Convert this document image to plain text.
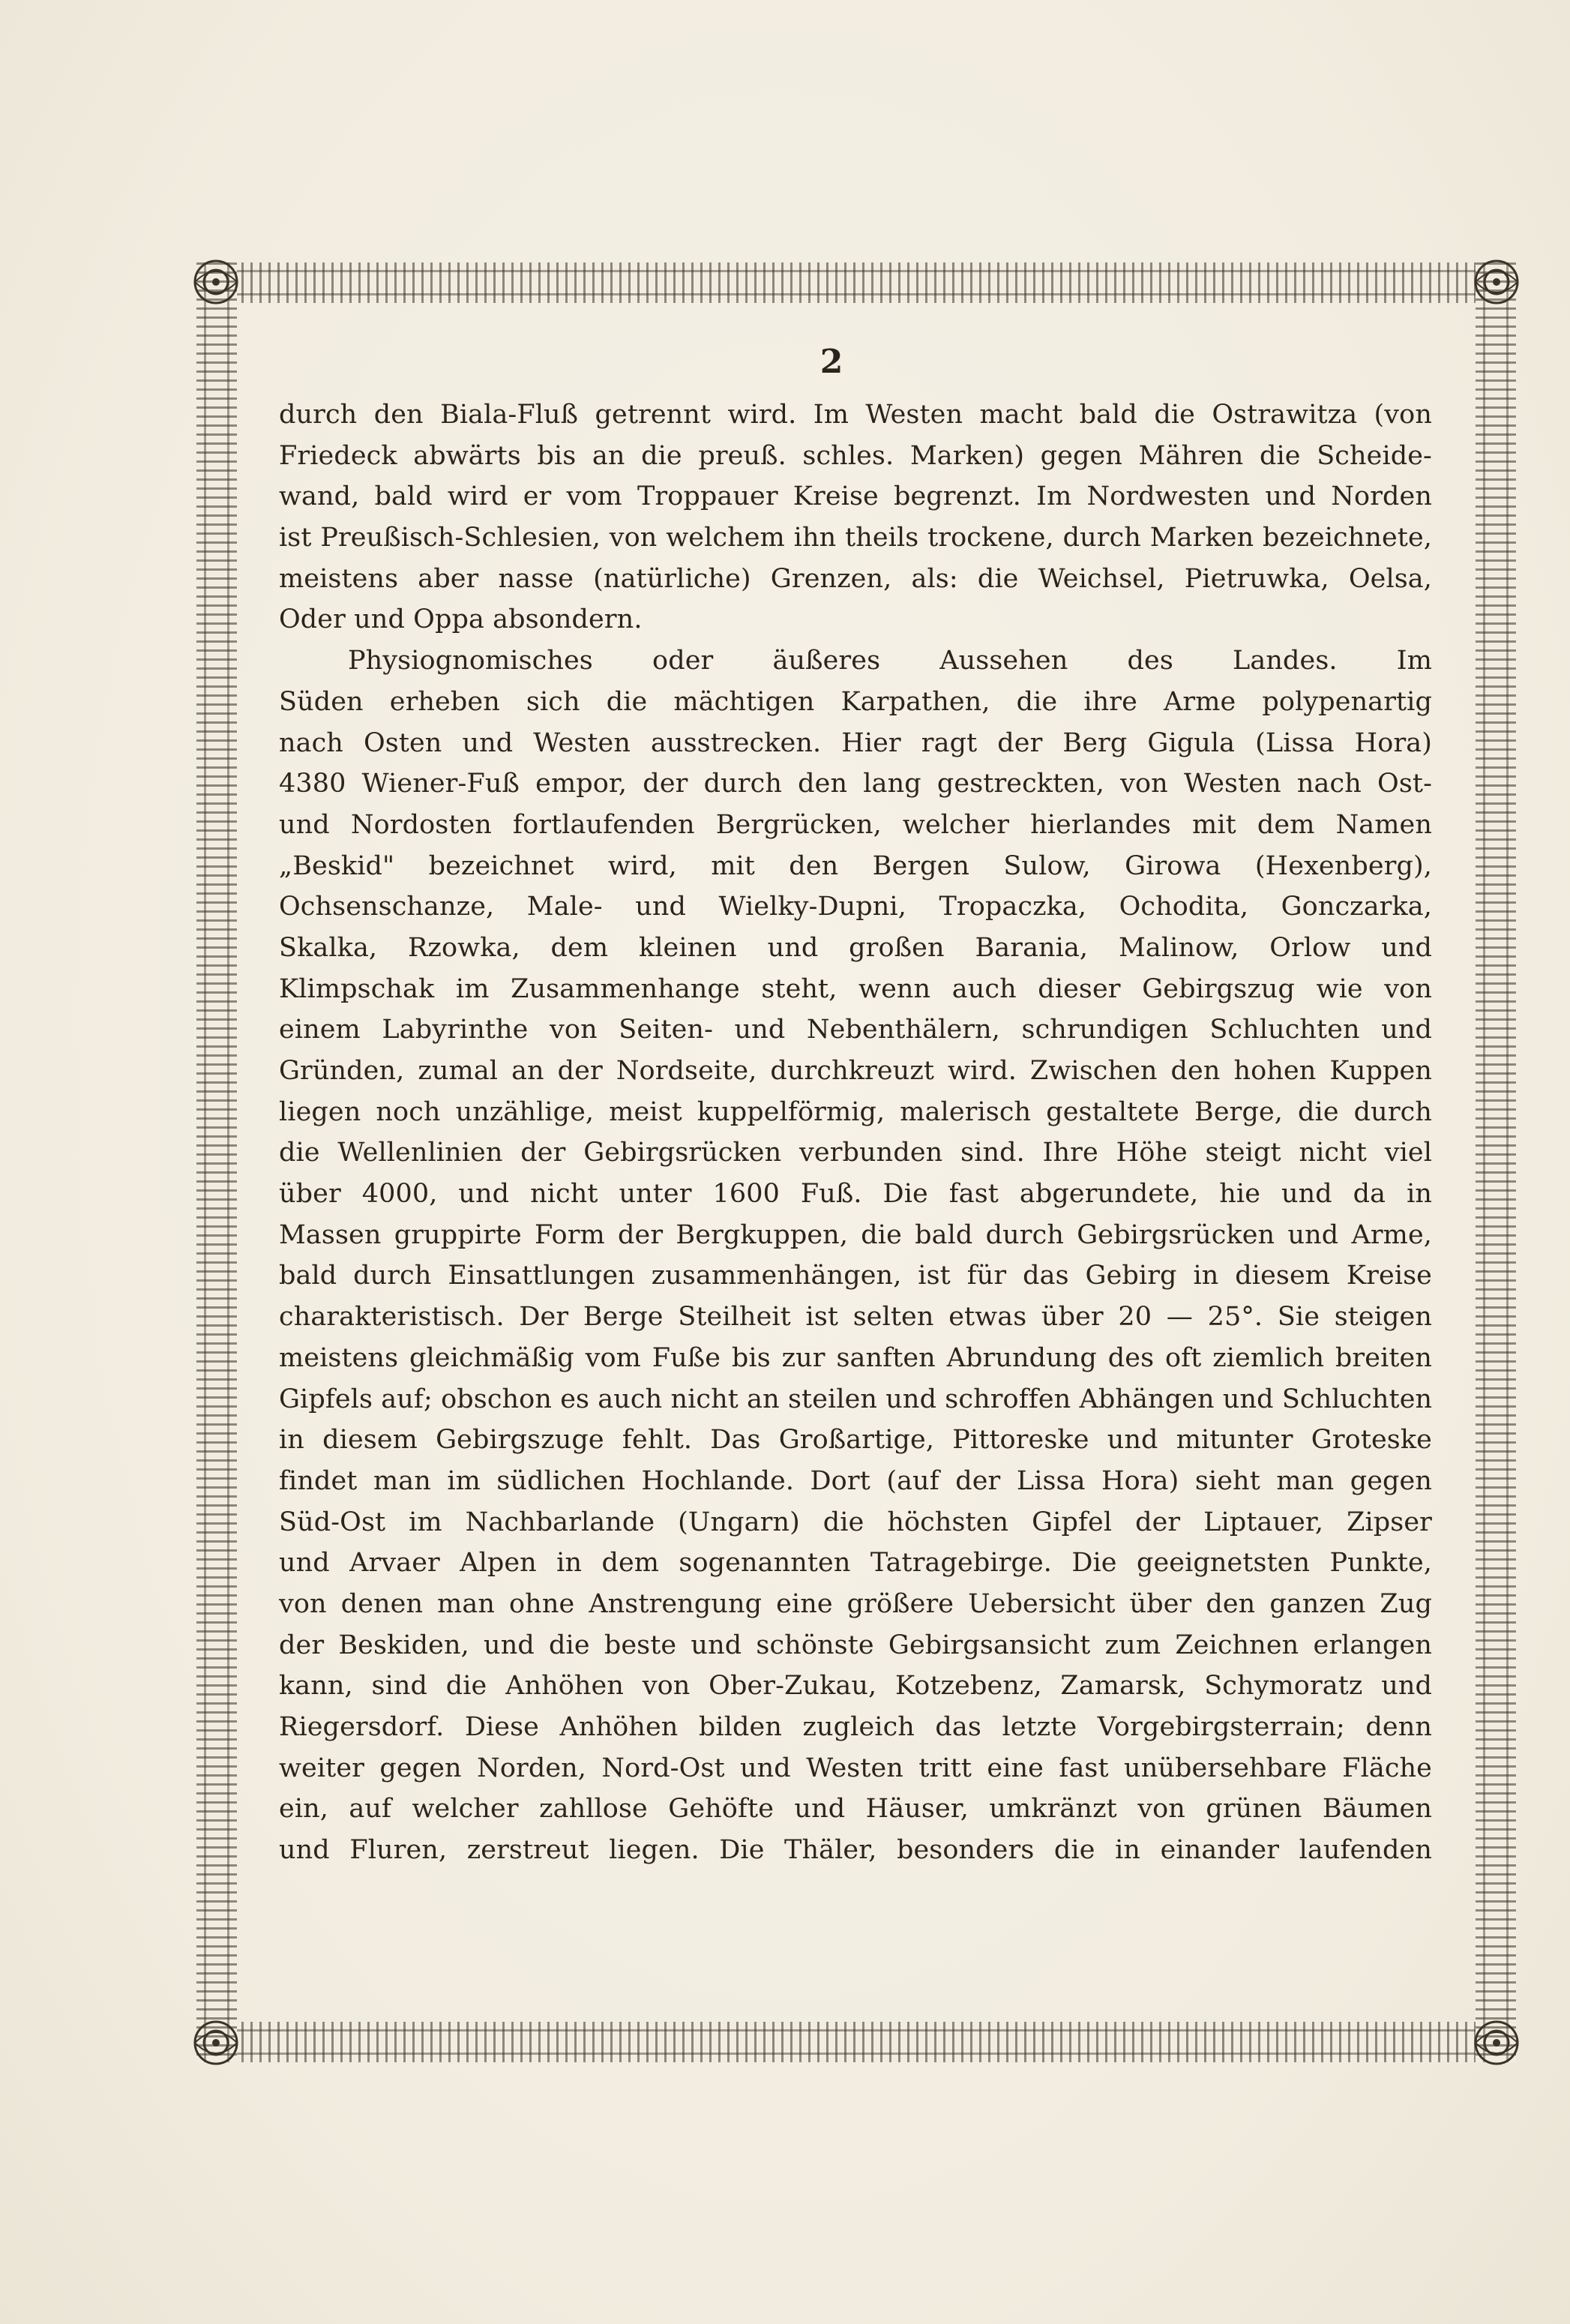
2
durch den Biala-Fluß getrennt wird. Im Westen macht bald die Ostrawitza (von
Friedeck abwärts bis an die preuß. schles. Marken) gegen Mähren die Scheide-
wand, bald wird er vom Troppauer Kreise begrenzt. Im Nordwesten und Norden
ist Preußisch-Schlesien, von welchem ihn theils trockene, durch Marken bezeichnete,
meistens aber nasse (natürliche) Grenzen, als: die Weichsel, Pietruwka, Oelsa,
Oder und Oppa absondern.
Physiognomisches oder äußeres Aussehen des Landes. Im
Süden erheben sich die mächtigen Karpathen, die ihre Arme polypenartig
nach Osten und Westen ausstrecken. Hier ragt der Berg Gigula (Lissa Hora)
4380 Wiener-Fuß empor, der durch den lang gestreckten, von Westen nach Ost-
und Nordosten fortlaufenden Bergrücken, welcher hierlandes mit dem Namen
„Beskid" bezeichnet wird, mit den Bergen Sulow, Girowa (Hexenberg),
Ochsenschanze, Male- und Wielky-Dupni, Tropaczka, Ochodita, Gonczarka,
Skalka, Rzowka, dem kleinen und großen Barania, Malinow, Orlow und
Klimpschak im Zusammenhange steht, wenn auch dieser Gebirgszug wie von
einem Labyrinthe von Seiten- und Nebenthälern, schrundigen Schluchten und
Gründen, zumal an der Nordseite, durchkreuzt wird. Zwischen den hohen Kuppen
liegen noch unzählige, meist kuppelförmig, malerisch gestaltete Berge, die durch
die Wellenlinien der Gebirgsrücken verbunden sind. Ihre Höhe steigt nicht viel
über 4000, und nicht unter 1600 Fuß. Die fast abgerundete, hie und da in
Massen gruppirte Form der Bergkuppen, die bald durch Gebirgsrücken und Arme,
bald durch Einsattlungen zusammenhängen, ist für das Gebirg in diesem Kreise
charakteristisch. Der Berge Steilheit ist selten etwas über 20 — 25°. Sie steigen
meistens gleichmäßig vom Fuße bis zur sanften Abrundung des oft ziemlich breiten
Gipfels auf; obschon es auch nicht an steilen und schroffen Abhängen und Schluchten
in diesem Gebirgszuge fehlt. Das Großartige, Pittoreske und mitunter Groteske
findet man im südlichen Hochlande. Dort (auf der Lissa Hora) sieht man gegen
Süd-Ost im Nachbarlande (Ungarn) die höchsten Gipfel der Liptauer, Zipser
und Arvaer Alpen in dem sogenannten Tatragebirge. Die geeignetsten Punkte,
von denen man ohne Anstrengung eine größere Uebersicht über den ganzen Zug
der Beskiden, und die beste und schönste Gebirgsansicht zum Zeichnen erlangen
kann, sind die Anhöhen von Ober-Zukau, Kotzebenz, Zamarsk, Schymoratz und
Riegersdorf. Diese Anhöhen bilden zugleich das letzte Vorgebirgsterrain; denn
weiter gegen Norden, Nord-Ost und Westen tritt eine fast unübersehbare Fläche
ein, auf welcher zahllose Gehöfte und Häuser, umkränzt von grünen Bäumen
und Fluren, zerstreut liegen. Die Thäler, besonders die in einander laufenden
